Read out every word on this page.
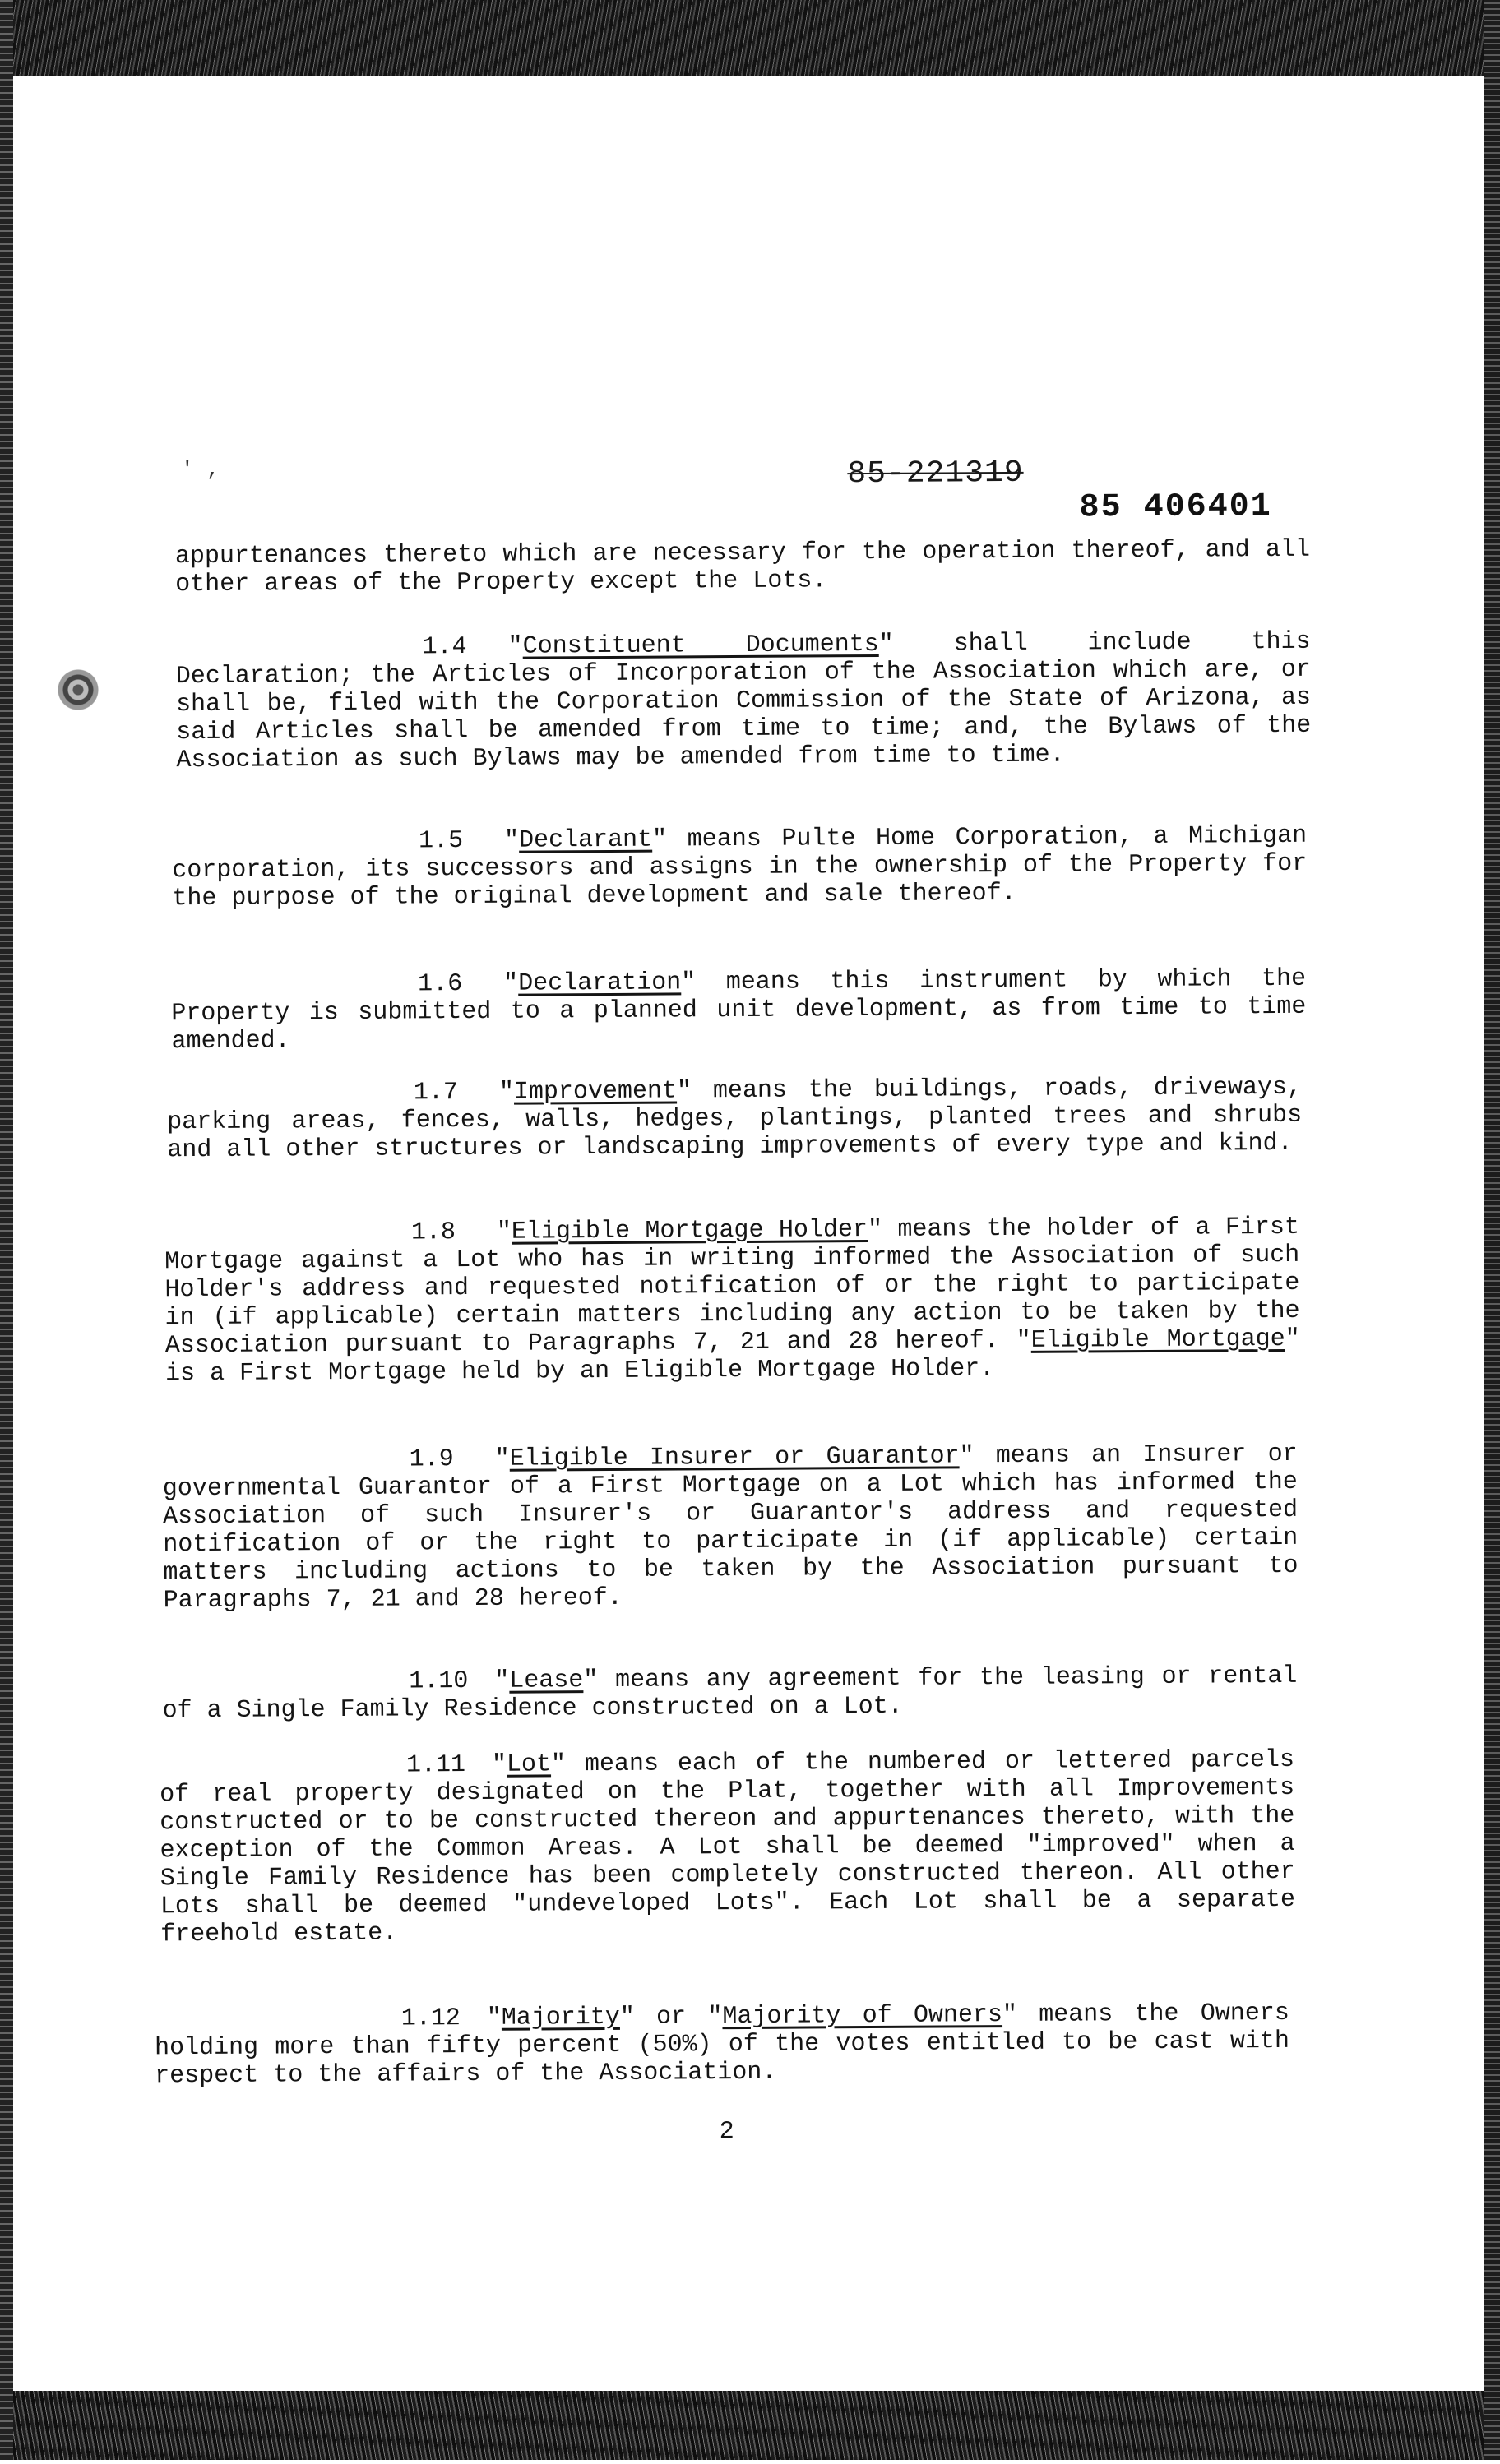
' ,	85-221319
85 406401
appurtenances thereto which are necessary for the operation thereof, and all other areas of the Property except the Lots.
1.4 "Constituent Documents" shall include this Declaration; the Articles of Incorporation of the Association which are, or shall be, filed with the Corporation Commission of the State of Arizona, as said Articles shall be amended from time to time; and, the Bylaws of the Association as such Bylaws may be amended from time to time.
1.5 "Declarant" means Pulte Home Corporation, a Michigan corporation, its successors and assigns in the ownership of the Property for the purpose of the original development and sale thereof.
1.6 "Declaration" means this instrument by which the Property is submitted to a planned unit development, as from time to time amended.
1.7 "Improvement" means the buildings, roads, driveways, parking areas, fences, walls, hedges, plantings, planted trees and shrubs and all other structures or landscaping improvements of every type and kind.
1.8 "Eligible Mortgage Holder" means the holder of a First Mortgage against a Lot who has in writing informed the Association of such Holder's address and requested notification of or the right to participate in (if applicable) certain matters including any action to be taken by the Association pursuant to Paragraphs 7, 21 and 28 hereof. "Eligible Mortgage" is a First Mortgage held by an Eligible Mortgage Holder.
1.9 "Eligible Insurer or Guarantor" means an Insurer or governmental Guarantor of a First Mortgage on a Lot which has informed the Association of such Insurer's or Guarantor's address and requested notification of or the right to participate in (if applicable) certain matters including actions to be taken by the Association pursuant to Paragraphs 7, 21 and 28 hereof.
1.10 "Lease" means any agreement for the leasing or rental of a Single Family Residence constructed on a Lot.
1.11 "Lot" means each of the numbered or lettered parcels of real property designated on the Plat, together with all Improvements constructed or to be constructed thereon and appurtenances thereto, with the exception of the Common Areas. A Lot shall be deemed "improved" when a Single Family Residence has been completely constructed thereon. All other Lots shall be deemed "undeveloped Lots". Each Lot shall be a separate freehold estate.
1.12 "Majority" or "Majority of Owners" means the Owners holding more than fifty percent (50%) of the votes entitled to be cast with respect to the affairs of the Association.
2
